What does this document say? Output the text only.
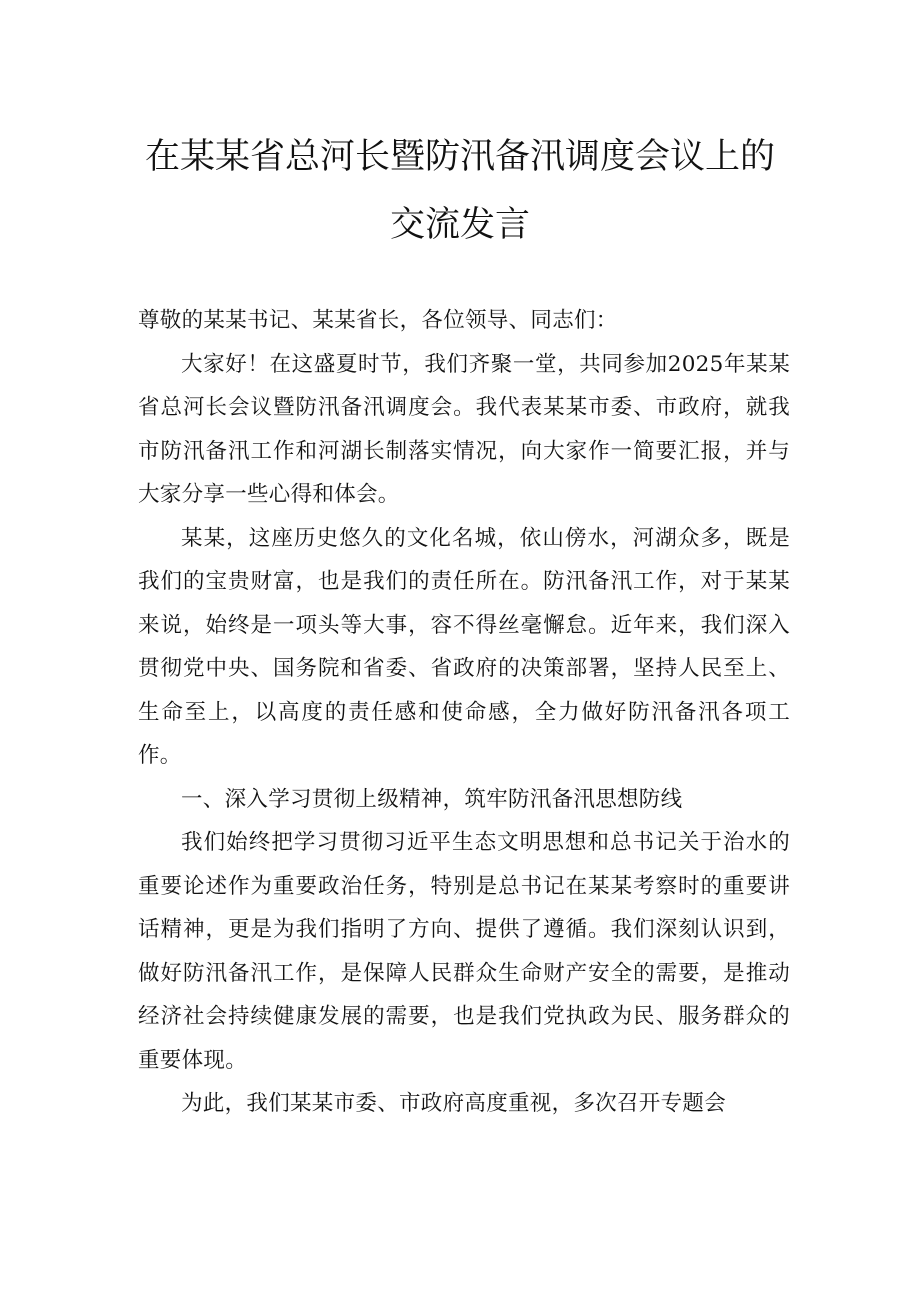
在某某省总河长暨防汛备汛调度会议上的
交流发言

尊敬的某某书记、某某省长，各位领导、同志们：

大家好！在这盛夏时节，我们齐聚一堂，共同参加2025年某某省总河长会议暨防汛备汛调度会。我代表某某市委、市政府，就我市防汛备汛工作和河湖长制落实情况，向大家作一简要汇报，并与大家分享一些心得和体会。

某某，这座历史悠久的文化名城，依山傍水，河湖众多，既是我们的宝贵财富，也是我们的责任所在。防汛备汛工作，对于某某来说，始终是一项头等大事，容不得丝毫懈怠。近年来，我们深入贯彻党中央、国务院和省委、省政府的决策部署，坚持人民至上、生命至上，以高度的责任感和使命感，全力做好防汛备汛各项工作。

一、深入学习贯彻上级精神，筑牢防汛备汛思想防线

我们始终把学习贯彻习近平生态文明思想和总书记关于治水的重要论述作为重要政治任务，特别是总书记在某某考察时的重要讲话精神，更是为我们指明了方向、提供了遵循。我们深刻认识到，做好防汛备汛工作，是保障人民群众生命财产安全的需要，是推动经济社会持续健康发展的需要，也是我们党执政为民、服务群众的重要体现。

为此，我们某某市委、市政府高度重视，多次召开专题会
